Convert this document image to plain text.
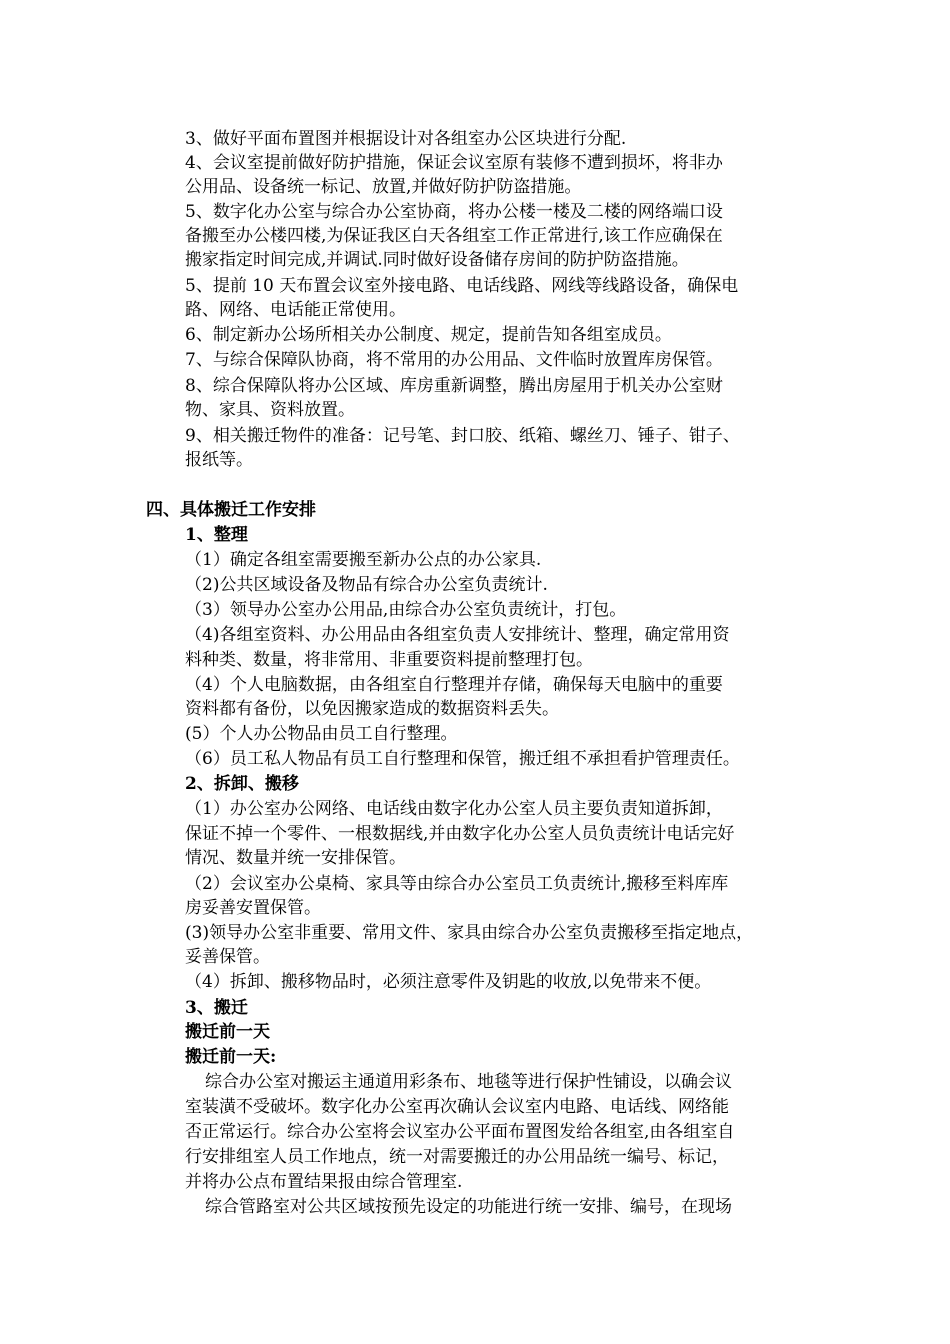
3、做好平面布置图并根据设计对各组室办公区块进行分配.
4、会议室提前做好防护措施，保证会议室原有装修不遭到损坏，将非办
公用品、设备统一标记、放置,并做好防护防盗措施。
5、数字化办公室与综合办公室协商，将办公楼一楼及二楼的网络端口设
备搬至办公楼四楼,为保证我区白天各组室工作正常进行,该工作应确保在
搬家指定时间完成,并调试.同时做好设备储存房间的防护防盗措施。
5、提前 10 天布置会议室外接电路、电话线路、网线等线路设备，确保电
路、网络、电话能正常使用。
6、制定新办公场所相关办公制度、规定，提前告知各组室成员。
7、与综合保障队协商，将不常用的办公用品、文件临时放置库房保管。
8、综合保障队将办公区域、库房重新调整，腾出房屋用于机关办公室财
物、家具、资料放置。
9、相关搬迁物件的准备：记号笔、封口胶、纸箱、螺丝刀、锤子、钳子、
报纸等。
四、具体搬迁工作安排
1、整理
（1）确定各组室需要搬至新办公点的办公家具.
（2)公共区域设备及物品有综合办公室负责统计.
（3）领导办公室办公用品,由综合办公室负责统计，打包。
（4)各组室资料、办公用品由各组室负责人安排统计、整理，确定常用资
料种类、数量，将非常用、非重要资料提前整理打包。
（4）个人电脑数据，由各组室自行整理并存储，确保每天电脑中的重要
资料都有备份，以免因搬家造成的数据资料丢失。
(5）个人办公物品由员工自行整理。
（6）员工私人物品有员工自行整理和保管，搬迁组不承担看护管理责任。
2、拆卸、搬移
（1）办公室办公网络、电话线由数字化办公室人员主要负责知道拆卸，
保证不掉一个零件、一根数据线,并由数字化办公室人员负责统计电话完好
情况、数量并统一安排保管。
（2）会议室办公桌椅、家具等由综合办公室员工负责统计,搬移至料库库
房妥善安置保管。
(3)领导办公室非重要、常用文件、家具由综合办公室负责搬移至指定地点，
妥善保管。
（4）拆卸、搬移物品时，必须注意零件及钥匙的收放,以免带来不便。
3、搬迁
搬迁前一天
搬迁前一天:
综合办公室对搬运主通道用彩条布、地毯等进行保护性铺设，以确会议
室装潢不受破坏。数字化办公室再次确认会议室内电路、电话线、网络能
否正常运行。综合办公室将会议室办公平面布置图发给各组室,由各组室自
行安排组室人员工作地点，统一对需要搬迁的办公用品统一编号、标记，
并将办公点布置结果报由综合管理室.
综合管路室对公共区域按预先设定的功能进行统一安排、编号，在现场
